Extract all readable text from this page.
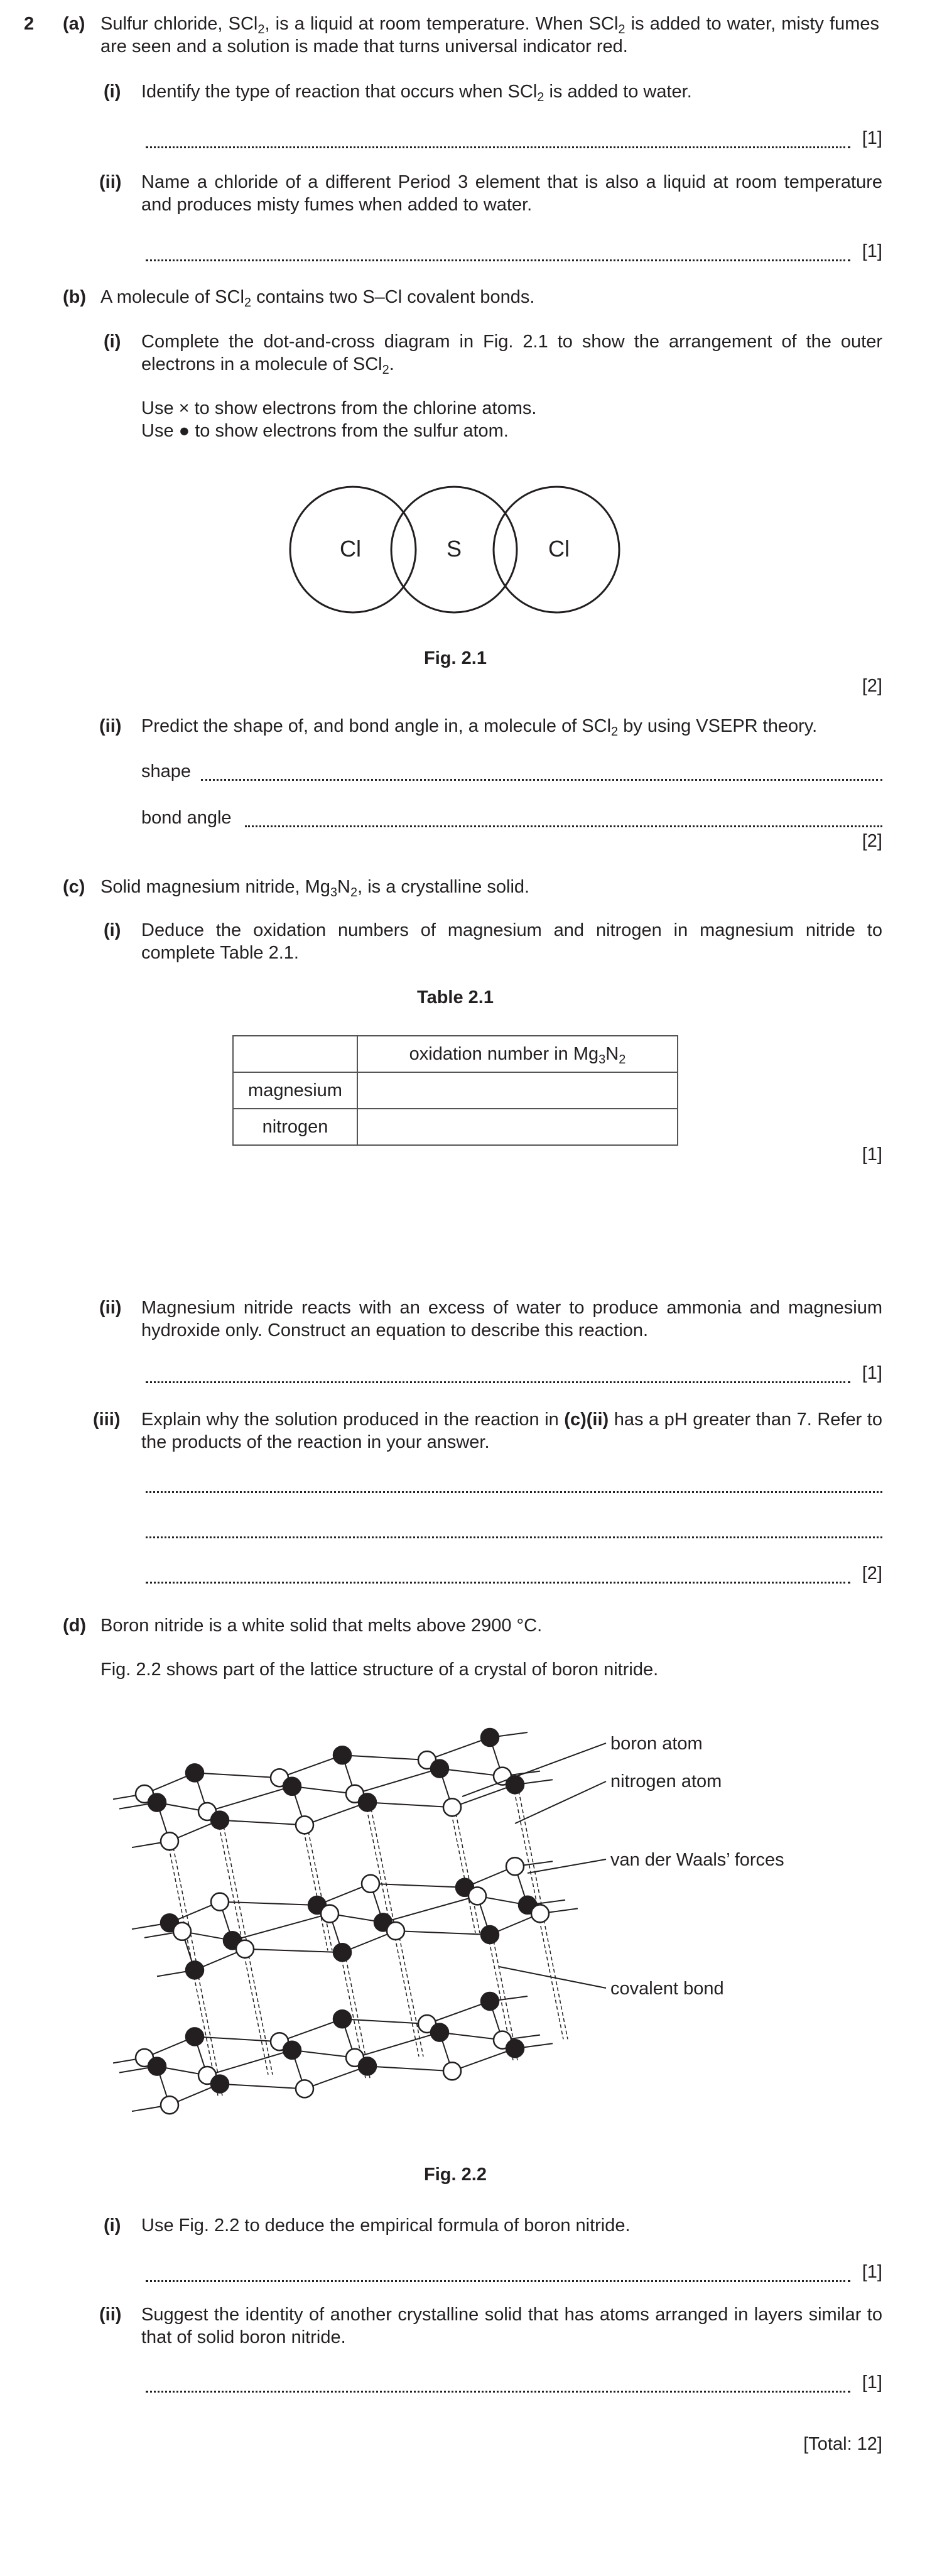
2 (a) Sulfur chloride, SCl$_2$, is a liquid at room temperature. When SCl$_2$ is added to water, misty fumes are seen and a solution is made that turns universal indicator red.
(i) Identify the type of reaction that occurs when SCl$_2$ is added to water.
[1]
(ii) Name a chloride of a different Period 3 element that is also a liquid at room temperature and produces misty fumes when added to water.
[1]
(b) A molecule of SCl$_2$ contains two S–Cl covalent bonds.
(i) Complete the dot-and-cross diagram in Fig. 2.1 to show the arrangement of the outer electrons in a molecule of SCl$_2$.
Use × to show electrons from the chlorine atoms.
Use ● to show electrons from the sulfur atom.
Cl	S	Cl
Fig. 2.1
[2]
(ii) Predict the shape of, and bond angle in, a molecule of SCl$_2$ by using VSEPR theory.
shape
bond angle
[2]
(c) Solid magnesium nitride, $Mg_3N_2$, is a crystalline solid.
(i) Deduce the oxidation numbers of magnesium and nitrogen in magnesium nitride to complete Table 2.1.
Table 2.1
	oxidation number in $Mg_3N_2$
magnesium	
nitrogen	
[1]
(ii) Magnesium nitride reacts with an excess of water to produce ammonia and magnesium hydroxide only. Construct an equation to describe this reaction.
[1]
(iii) Explain why the solution produced in the reaction in (c)(ii) has a pH greater than 7. Refer to the products of the reaction in your answer.
[2]
(d) Boron nitride is a white solid that melts above 2900 °C.
Fig. 2.2 shows part of the lattice structure of a crystal of boron nitride.
boron atom
nitrogen atom
van der Waals’ forces
covalent bond
Fig. 2.2
(i) Use Fig. 2.2 to deduce the empirical formula of boron nitride.
[1]
(ii) Suggest the identity of another crystalline solid that has atoms arranged in layers similar to that of solid boron nitride.
[1]
[Total: 12]
